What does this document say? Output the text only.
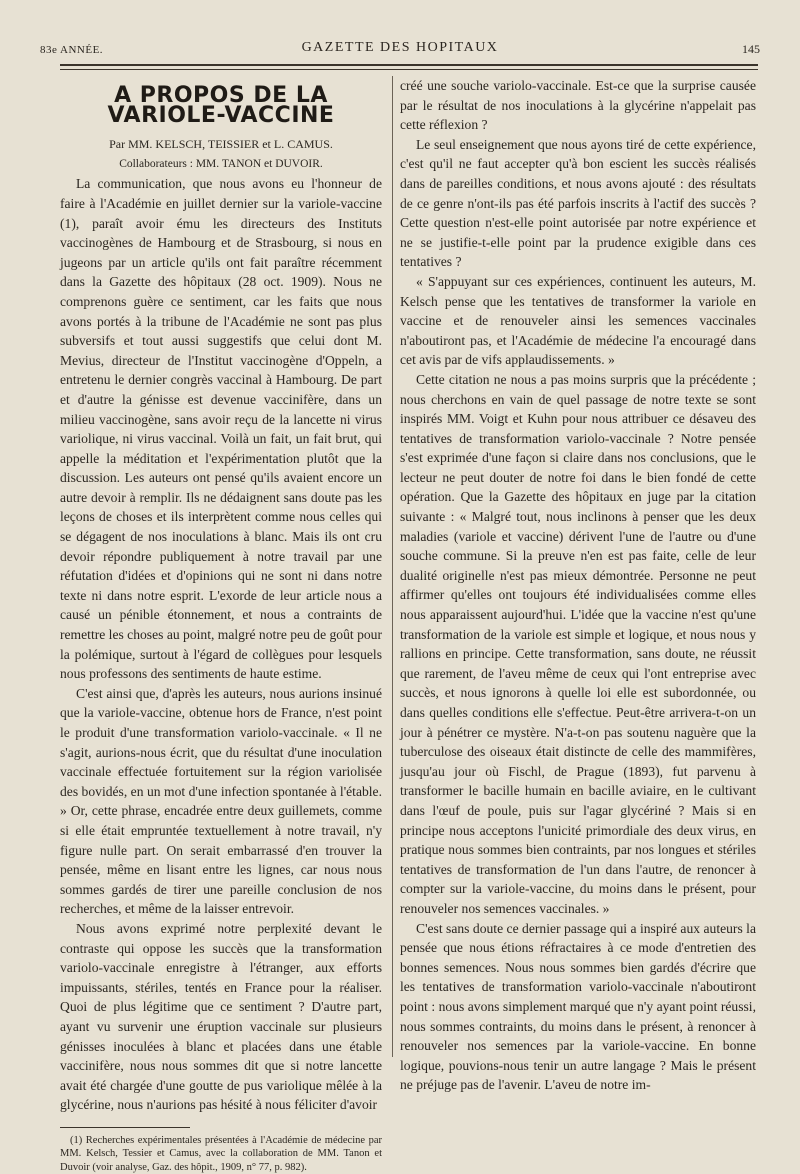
83e ANNÉE.	GAZETTE DES HOPITAUX	145
A PROPOS DE LA VARIOLE-VACCINE

Par MM. KELSCH, TEISSIER et L. CAMUS.

Collaborateurs : MM. TANON et DUVOIR.

La communication, que nous avons eu l'honneur de faire à l'Académie en juillet dernier sur la variole-vaccine (1), paraît avoir ému les directeurs des Instituts vaccinogènes de Hambourg et de Strasbourg, si nous en jugeons par un article qu'ils ont fait paraître récemment dans la Gazette des hôpitaux (28 oct. 1909). Nous ne comprenons guère ce sentiment, car les faits que nous avons portés à la tribune de l'Académie ne sont pas plus subversifs et tout aussi suggestifs que celui dont M. Mevius, directeur de l'Institut vaccinogène d'Oppeln, a entretenu le dernier congrès vaccinal à Hambourg. De part et d'autre la génisse est devenue vaccinifère, dans un milieu vaccinogène, sans avoir reçu de la lancette ni virus variolique, ni virus vaccinal. Voilà un fait, un fait brut, qui appelle la méditation et l'expérimentation plutôt que la discussion. Les auteurs ont pensé qu'ils avaient encore un autre devoir à remplir. Ils ne dédaignent sans doute pas les leçons de choses et ils interprètent comme nous celles qui se dégagent de nos inoculations à blanc. Mais ils ont cru devoir répondre publiquement à notre travail par une réfutation d'idées et d'opinions qui ne sont ni dans notre texte ni dans notre esprit. L'exorde de leur article nous a causé un pénible étonnement, et nous a contraints de remettre les choses au point, malgré notre peu de goût pour la polémique, surtout à l'égard de collègues pour lesquels nous professons des sentiments de haute estime.

C'est ainsi que, d'après les auteurs, nous aurions insinué que la variole-vaccine, obtenue hors de France, n'est point le produit d'une transformation variolo-vaccinale. « Il ne s'agit, aurions-nous écrit, que du résultat d'une inoculation vaccinale effectuée fortuitement sur la région variolisée des bovidés, en un mot d'une infection spontanée à l'étable. » Or, cette phrase, encadrée entre deux guillemets, comme si elle était empruntée textuellement à notre travail, n'y figure nulle part. On serait embarrassé d'en trouver la pensée, même en lisant entre les lignes, car nous nous sommes gardés de tirer une pareille conclusion de nos recherches, et même de la laisser entrevoir.

Nous avons exprimé notre perplexité devant le contraste qui oppose les succès que la transformation variolo-vaccinale enregistre à l'étranger, aux efforts impuissants, stériles, tentés en France pour la réaliser. Quoi de plus légitime que ce sentiment ? D'autre part, ayant vu survenir une éruption vaccinale sur plusieurs génisses inoculées à blanc et placées dans une étable vaccinifère, nous nous sommes dit que si notre lancette avait été chargée d'une goutte de pus variolique mêlée à la glycérine, nous n'aurions pas hésité à nous féliciter d'avoir

(1) Recherches expérimentales présentées à l'Académie de médecine par MM. Kelsch, Tessier et Camus, avec la collaboration de MM. Tanon et Duvoir (voir analyse, Gaz. des hôpit., 1909, n° 77, p. 982).

créé une souche variolo-vaccinale. Est-ce que la surprise causée par le résultat de nos inoculations à la glycérine n'appelait pas cette réflexion ?

Le seul enseignement que nous ayons tiré de cette expérience, c'est qu'il ne faut accepter qu'à bon escient les succès réalisés dans de pareilles conditions, et nous avons ajouté : des résultats de ce genre n'ont-ils pas été parfois inscrits à l'actif des succès ? Cette question n'est-elle point autorisée par notre expérience et ne se justifie-t-elle point par la prudence exigible dans ces tentatives ?

« S'appuyant sur ces expériences, continuent les auteurs, M. Kelsch pense que les tentatives de transformer la variole en vaccine et de renouveler ainsi les semences vaccinales n'aboutiront pas, et l'Académie de médecine l'a encouragé dans cet avis par de vifs applaudissements. »

Cette citation ne nous a pas moins surpris que la précédente ; nous cherchons en vain de quel passage de notre texte se sont inspirés MM. Voigt et Kuhn pour nous attribuer ce désaveu des tentatives de transformation variolo-vaccinale ? Notre pensée s'est exprimée d'une façon si claire dans nos conclusions, que le lecteur ne peut douter de notre foi dans le bien fondé de cette opération. Que la Gazette des hôpitaux en juge par la citation suivante : « Malgré tout, nous inclinons à penser que les deux maladies (variole et vaccine) dérivent l'une de l'autre ou d'une souche commune. Si la preuve n'en est pas faite, celle de leur dualité originelle n'est pas mieux démontrée. Personne ne peut affirmer qu'elles ont toujours été individualisées comme elles nous apparaissent aujourd'hui. L'idée que la vaccine n'est qu'une transformation de la variole est simple et logique, et nous nous y rallions en principe. Cette transformation, sans doute, ne réussit que rarement, de l'aveu même de ceux qui l'ont entreprise avec succès, et nous ignorons à quelle loi elle est subordonnée, ou dans quelles conditions elle s'effectue. Peut-être arrivera-t-on un jour à pénétrer ce mystère. N'a-t-on pas soutenu naguère que la tuberculose des oiseaux était distincte de celle des mammifères, jusqu'au jour où Fischl, de Prague (1893), fut parvenu à transformer le bacille humain en bacille aviaire, en le cultivant dans l'œuf de poule, puis sur l'agar glycériné ? Mais si en principe nous acceptons l'unicité primordiale des deux virus, en pratique nous sommes bien contraints, par nos longues et stériles tentatives de transformation de l'un dans l'autre, de renoncer à compter sur la variole-vaccine, du moins dans le présent, pour renouveler nos semences vaccinales. »

C'est sans doute ce dernier passage qui a inspiré aux auteurs la pensée que nous étions réfractaires à ce mode d'entretien des bonnes semences. Nous nous sommes bien gardés d'écrire que les tentatives de transformation variolo-vaccinale n'aboutiront point : nous avons simplement marqué que n'y ayant point réussi, nous sommes contraints, du moins dans le présent, à renoncer à renouveler nos semences par la variole-vaccine. En bonne logique, pouvions-nous tenir un autre langage ? Mais le présent ne préjuge pas de l'avenir. L'aveu de notre im-
